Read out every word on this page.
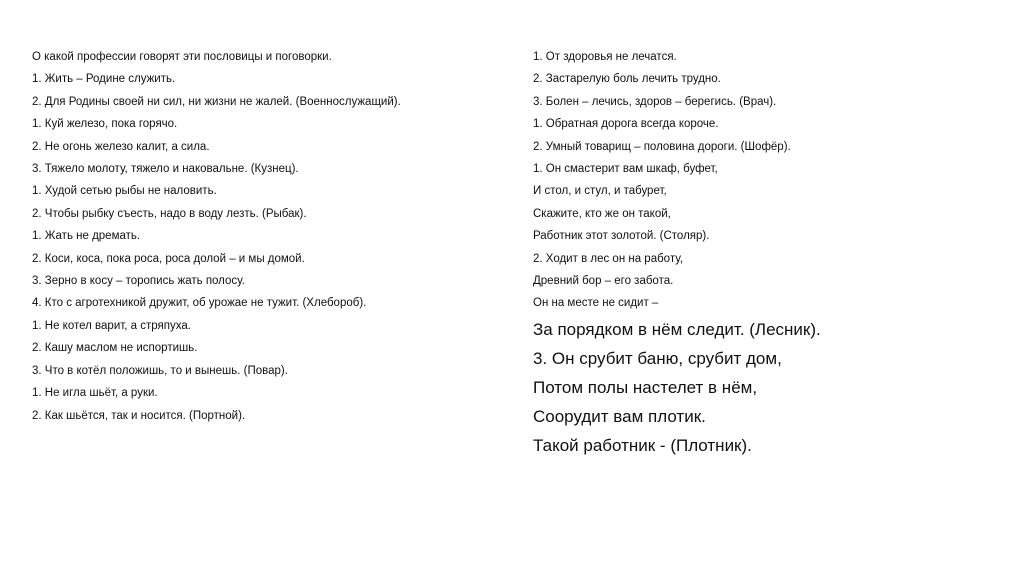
О какой профессии говорят эти пословицы и поговорки.
1. Жить – Родине служить.
2. Для Родины своей ни сил, ни жизни не жалей. (Военнослужащий).
1. Куй железо, пока горячо.
2. Не огонь железо калит, а сила.
3. Тяжело молоту, тяжело и наковальне. (Кузнец).
1. Худой сетью рыбы не наловить.
2. Чтобы рыбку съесть, надо в воду лезть. (Рыбак).
1. Жать не дремать.
2. Коси, коса, пока роса, роса долой – и мы домой.
3. Зерно в косу – торопись жать полосу.
4. Кто с агротехникой дружит, об урожае не тужит. (Хлебороб).
1. Не котел варит, а стряпуха.
2. Кашу маслом не испортишь.
3. Что в котёл положишь, то и вынешь. (Повар).
1. Не игла шьёт, а руки.
2. Как шьётся, так и носится. (Портной).
1. От здоровья не лечатся.
2. Застарелую боль лечить трудно.
3. Болен – лечись, здоров – берегись. (Врач).
1. Обратная дорога всегда короче.
2. Умный товарищ – половина дороги. (Шофёр).
1. Он смастерит вам шкаф, буфет,
И стол, и стул, и табурет,
Скажите, кто же он такой,
Работник этот золотой. (Столяр).
2. Ходит в лес он на работу,
Древний бор – его забота.
Он на месте не сидит –
За порядком в нём следит. (Лесник).
3. Он срубит баню, срубит дом,
Потом полы настелет в нём,
Соорудит вам плотик.
Такой работник - (Плотник).
